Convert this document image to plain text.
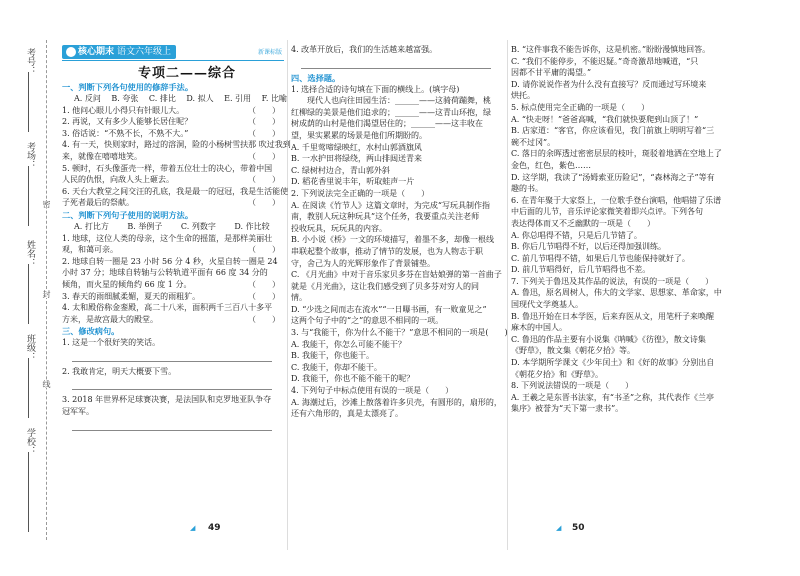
考号：
考场：
姓名：
班级：
学校：
密
封
线
核心期末 语文六年级上	新课标版
专项二——综合
一、判断下列各句使用的修辞手法。
A. 反问 　B. 夸张 　C. 排比 　D. 拟人 　E. 引用 　F. 比喻
1. 他问心眼儿小得只有针眼儿大。	（　　）
2. 再说，又有多少人能够长居住呢？	（　　）
3. 俗话说：“不熟不长，不熟不大。”	（　　）
4. 有一天，快则家时，路过的溶洞，险的小杨树雪扶那 吹过我到
来，就像在嘻嘻地笑。	（　　）
5. 顿时，石头像蛋壳一样，带着五位壮士的决心，带着中国
人民的仇恨，向敌人头上砸去。	（　　）
6. 天台大教堂之间交汪的孔底，我是最一的冠冠，我是生活能使
子死者最后的祭献。	（　　）
二、判断下列句子使用的说明方法。
A. 打比方 　　B. 举例子 　　C. 列数字 　　D. 作比较
1. 地球，这位人类的母亲，这个生命的摇篮，是那样美丽壮
观，和蔼可亲。	（　　）
2. 地球自转一圈是 23 小时 56 分 4 秒，火星自转一圈是 24
小时 37 分；地球自转轴与公转轨道平面有 66 度 34 分的
倾角，而火星的倾角约 66 度 1 分。	（　　）
3. 春天的雨细腻柔媚，夏天的雨粗犷。	（　　）
4. 太和殿俗称金銮殿，高二十八米，面积两千三百八十多平
方米，是故宫最大的殿堂。	（　　）
三、修改病句。
1. 这是一个很好笑的笑话。
2. 我敢肯定，明天大概要下雪。
3. 2018 年世界杯足球赛决赛，是法国队和克罗地亚队争夺
冠军军。
4. 改革开放后，我们的生活越来越富强。
四、选择题。
1. 选择合适的诗句填在下面的横线上。(填字母)
　　现代人也向往田园生活：______——这骑荷蹦舞，桃
红柳绿的美景是他们追求的；______——这青山环抱，绿
树成荫的山村是他们渴望居住的；______——这丰收在
望，果实累累的场景是他们所期盼的。
A. 千里莺啼绿映红，水村山郭酒旗风
B. 一水护田将绿绕，两山排闼送青来
C. 绿树村边合，青山郭外斜
D. 稻花香里说丰年，听取蛙声一片
2. 下列说法完全正确的一项是（　　）
A. 在阅读《竹节人》这篇文章时，为完成“写玩具制作指
南，教别人玩这种玩具”这个任务，我要重点关注老师
投收玩具，玩玩具的内容。
B. 小小说《桥》一文的环境描写，着墨不多，却像一根线
串联起整个故事，推动了情节的发展，也为人物志于职
守，舍己为人的光辉形象作了背景铺垫。
C. 《月光曲》中对于音乐家贝多芬在盲姑娘弹的第一首曲子
就是《月光曲》，这让我们感受到了贝多芬对穷人的同
情。
D. “少选之间而志在流水”“一日曝书画，有一败童见之”
这两个句子中的“之”的意思不相同的一项。
3. 与“我能干，你为什么不能干？”意思不相同的一项是(　　)
A. 我能干，你怎么可能不能干？
B. 我能干，你也能干。
C. 我能干，你却不能干。
D. 我能干，你也不能不能干的呢？
4. 下列句子中标点使用有误的一项是（　　）
A. 海潮过后，沙滩上散落着许多贝壳，有圆形的，扇形的，
还有六角形的，真是太漂亮了。
B. “这件事我不能告诉你，这是机密。”盼盼漫慎地回答。
C. “我们不能停步，不能迟疑。”奇奇激昂地喊道，“只
因都不甘平庸的渴望。”
D. 请你说说作者为什么没有直接写？反而通过写环境来
烘托。
5. 标点使用完全正确的一项是（　　）
A. “快走呀！”爸爸高喊，“我们就快要爬到山顶了！”
B. 店家道：“客官，你应该看见，我门前旗上明明写着“三
碗不过冈”。
C. 落日的余晖透过密密层层的枝叶，斑驳着地洒在空地上了
金色，红色，紫色……
D. 这学期，我读了“汤姆索亚历险记”，“森林海之子”等有
趣的书。
6. 在青年聚于大家祭上，一位歌手登台演唱，他唱错了乐谱
中后面的儿节，音乐评论家微笑着即兴点评。下列各句
表达得体而又不乏幽默的一项是（　　）
A. 你总唱得不错，只是后几节错了。
B. 你后几节唱得不好，以后还得加强训练。
C. 前几节唱得不错，如果后几节也能保持就好了。
D. 前几节唱得好，后几节唱得也不差。
7. 下列关于鲁迅及其作品的说法，有误的一项是（　　）
A. 鲁迅，原名周树人，伟大的文学家、思想家、革命家，中
国现代文学奠基人。
B. 鲁迅开始在日本学医，后来弃医从文，用笔杆子来唤醒
麻木的中国人。
C. 鲁迅的作品主要有小说集《呐喊》《彷徨》，散文诗集
《野草》，散文集《朝花夕拾》等。
D. 本学期所学课文《少年闰土》和《好的故事》分别出自
《朝花夕拾》和《野草》。
8. 下列说法错误的一项是（　　）
A. 王羲之是东晋书法家，有“书圣”之称，其代表作《兰亭
集序》被誉为“天下第一隶书”。
49
◢	50
◢
